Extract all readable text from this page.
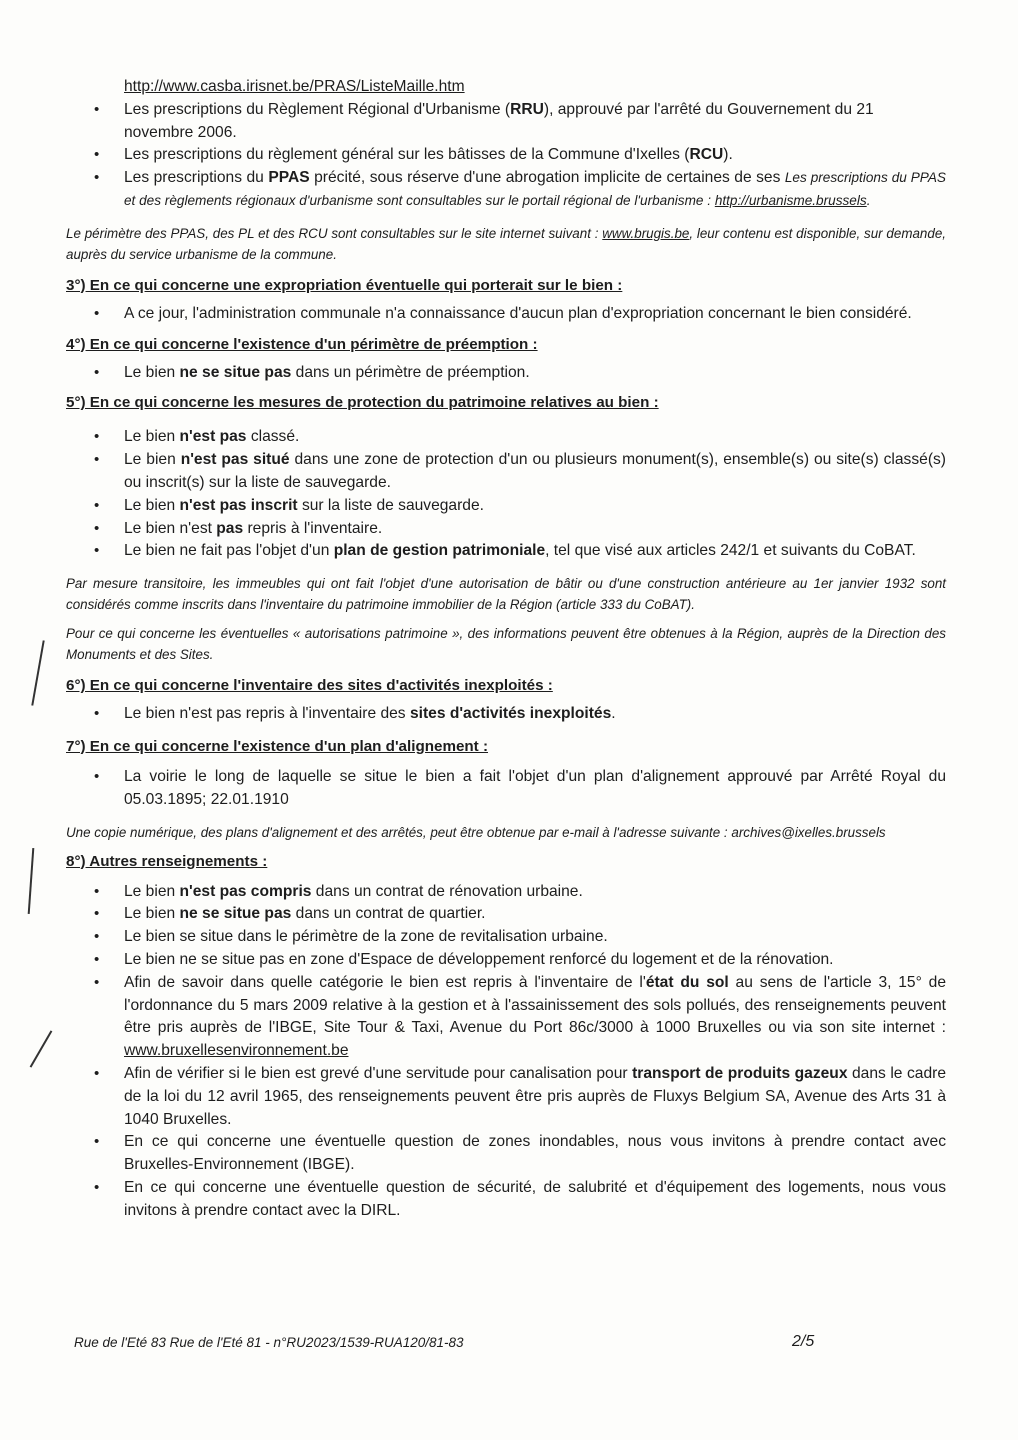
http://www.casba.irisnet.be/PRAS/ListeMaille.htm
• Les prescriptions du Règlement Régional d'Urbanisme (RRU), approuvé par l'arrêté du Gouvernement du 21 novembre 2006.
• Les prescriptions du règlement général sur les bâtisses de la Commune d'Ixelles (RCU).
• Les prescriptions du PPAS précité, sous réserve d'une abrogation implicite de certaines de ses Les prescriptions du PPAS et des règlements régionaux d'urbanisme sont consultables sur le portail régional de l'urbanisme : http://urbanisme.brussels.

Le périmètre des PPAS, des PL et des RCU sont consultables sur le site internet suivant : www.brugis.be, leur contenu est disponible, sur demande, auprès du service urbanisme de la commune.

3°) En ce qui concerne une expropriation éventuelle qui porterait sur le bien :

• A ce jour, l'administration communale n'a connaissance d'aucun plan d'expropriation concernant le bien considéré.

4°) En ce qui concerne l'existence d'un périmètre de préemption :

• Le bien ne se situe pas dans un périmètre de préemption.

5°) En ce qui concerne les mesures de protection du patrimoine relatives au bien :

• Le bien n'est pas classé.
• Le bien n'est pas situé dans une zone de protection d'un ou plusieurs monument(s), ensemble(s) ou site(s) classé(s) ou inscrit(s) sur la liste de sauvegarde.
• Le bien n'est pas inscrit sur la liste de sauvegarde.
• Le bien n'est pas repris à l'inventaire.
• Le bien ne fait pas l'objet d'un plan de gestion patrimoniale, tel que visé aux articles 242/1 et suivants du CoBAT.

Par mesure transitoire, les immeubles qui ont fait l'objet d'une autorisation de bâtir ou d'une construction antérieure au 1er janvier 1932 sont considérés comme inscrits dans l'inventaire du patrimoine immobilier de la Région (article 333 du CoBAT).

Pour ce qui concerne les éventuelles « autorisations patrimoine », des informations peuvent être obtenues à la Région, auprès de la Direction des Monuments et des Sites.

6°) En ce qui concerne l'inventaire des sites d'activités inexploités :

• Le bien n'est pas repris à l'inventaire des sites d'activités inexploités.

7°) En ce qui concerne l'existence d'un plan d'alignement :

• La voirie le long de laquelle se situe le bien a fait l'objet d'un plan d'alignement approuvé par Arrêté Royal du 05.03.1895; 22.01.1910

Une copie numérique, des plans d'alignement et des arrêtés, peut être obtenue par e-mail à l'adresse suivante : archives@ixelles.brussels

8°) Autres renseignements :

• Le bien n'est pas compris dans un contrat de rénovation urbaine.
• Le bien ne se situe pas dans un contrat de quartier.
• Le bien se situe dans le périmètre de la zone de revitalisation urbaine.
• Le bien ne se situe pas en zone d'Espace de développement renforcé du logement et de la rénovation.
• Afin de savoir dans quelle catégorie le bien est repris à l'inventaire de l'état du sol au sens de l'article 3, 15° de l'ordonnance du 5 mars 2009 relative à la gestion et à l'assainissement des sols pollués, des renseignements peuvent être pris auprès de l'IBGE, Site Tour & Taxi, Avenue du Port 86c/3000 à 1000 Bruxelles ou via son site internet : www.bruxellesenvironnement.be
• Afin de vérifier si le bien est grevé d'une servitude pour canalisation pour transport de produits gazeux dans le cadre de la loi du 12 avril 1965, des renseignements peuvent être pris auprès de Fluxys Belgium SA, Avenue des Arts 31 à 1040 Bruxelles.
• En ce qui concerne une éventuelle question de zones inondables, nous vous invitons à prendre contact avec Bruxelles-Environnement (IBGE).
• En ce qui concerne une éventuelle question de sécurité, de salubrité et d'équipement des logements, nous vous invitons à prendre contact avec la DIRL.
Rue de l'Eté 83 Rue de l'Eté 81 - n°RU2023/1539-RUA120/81-83	2/5
